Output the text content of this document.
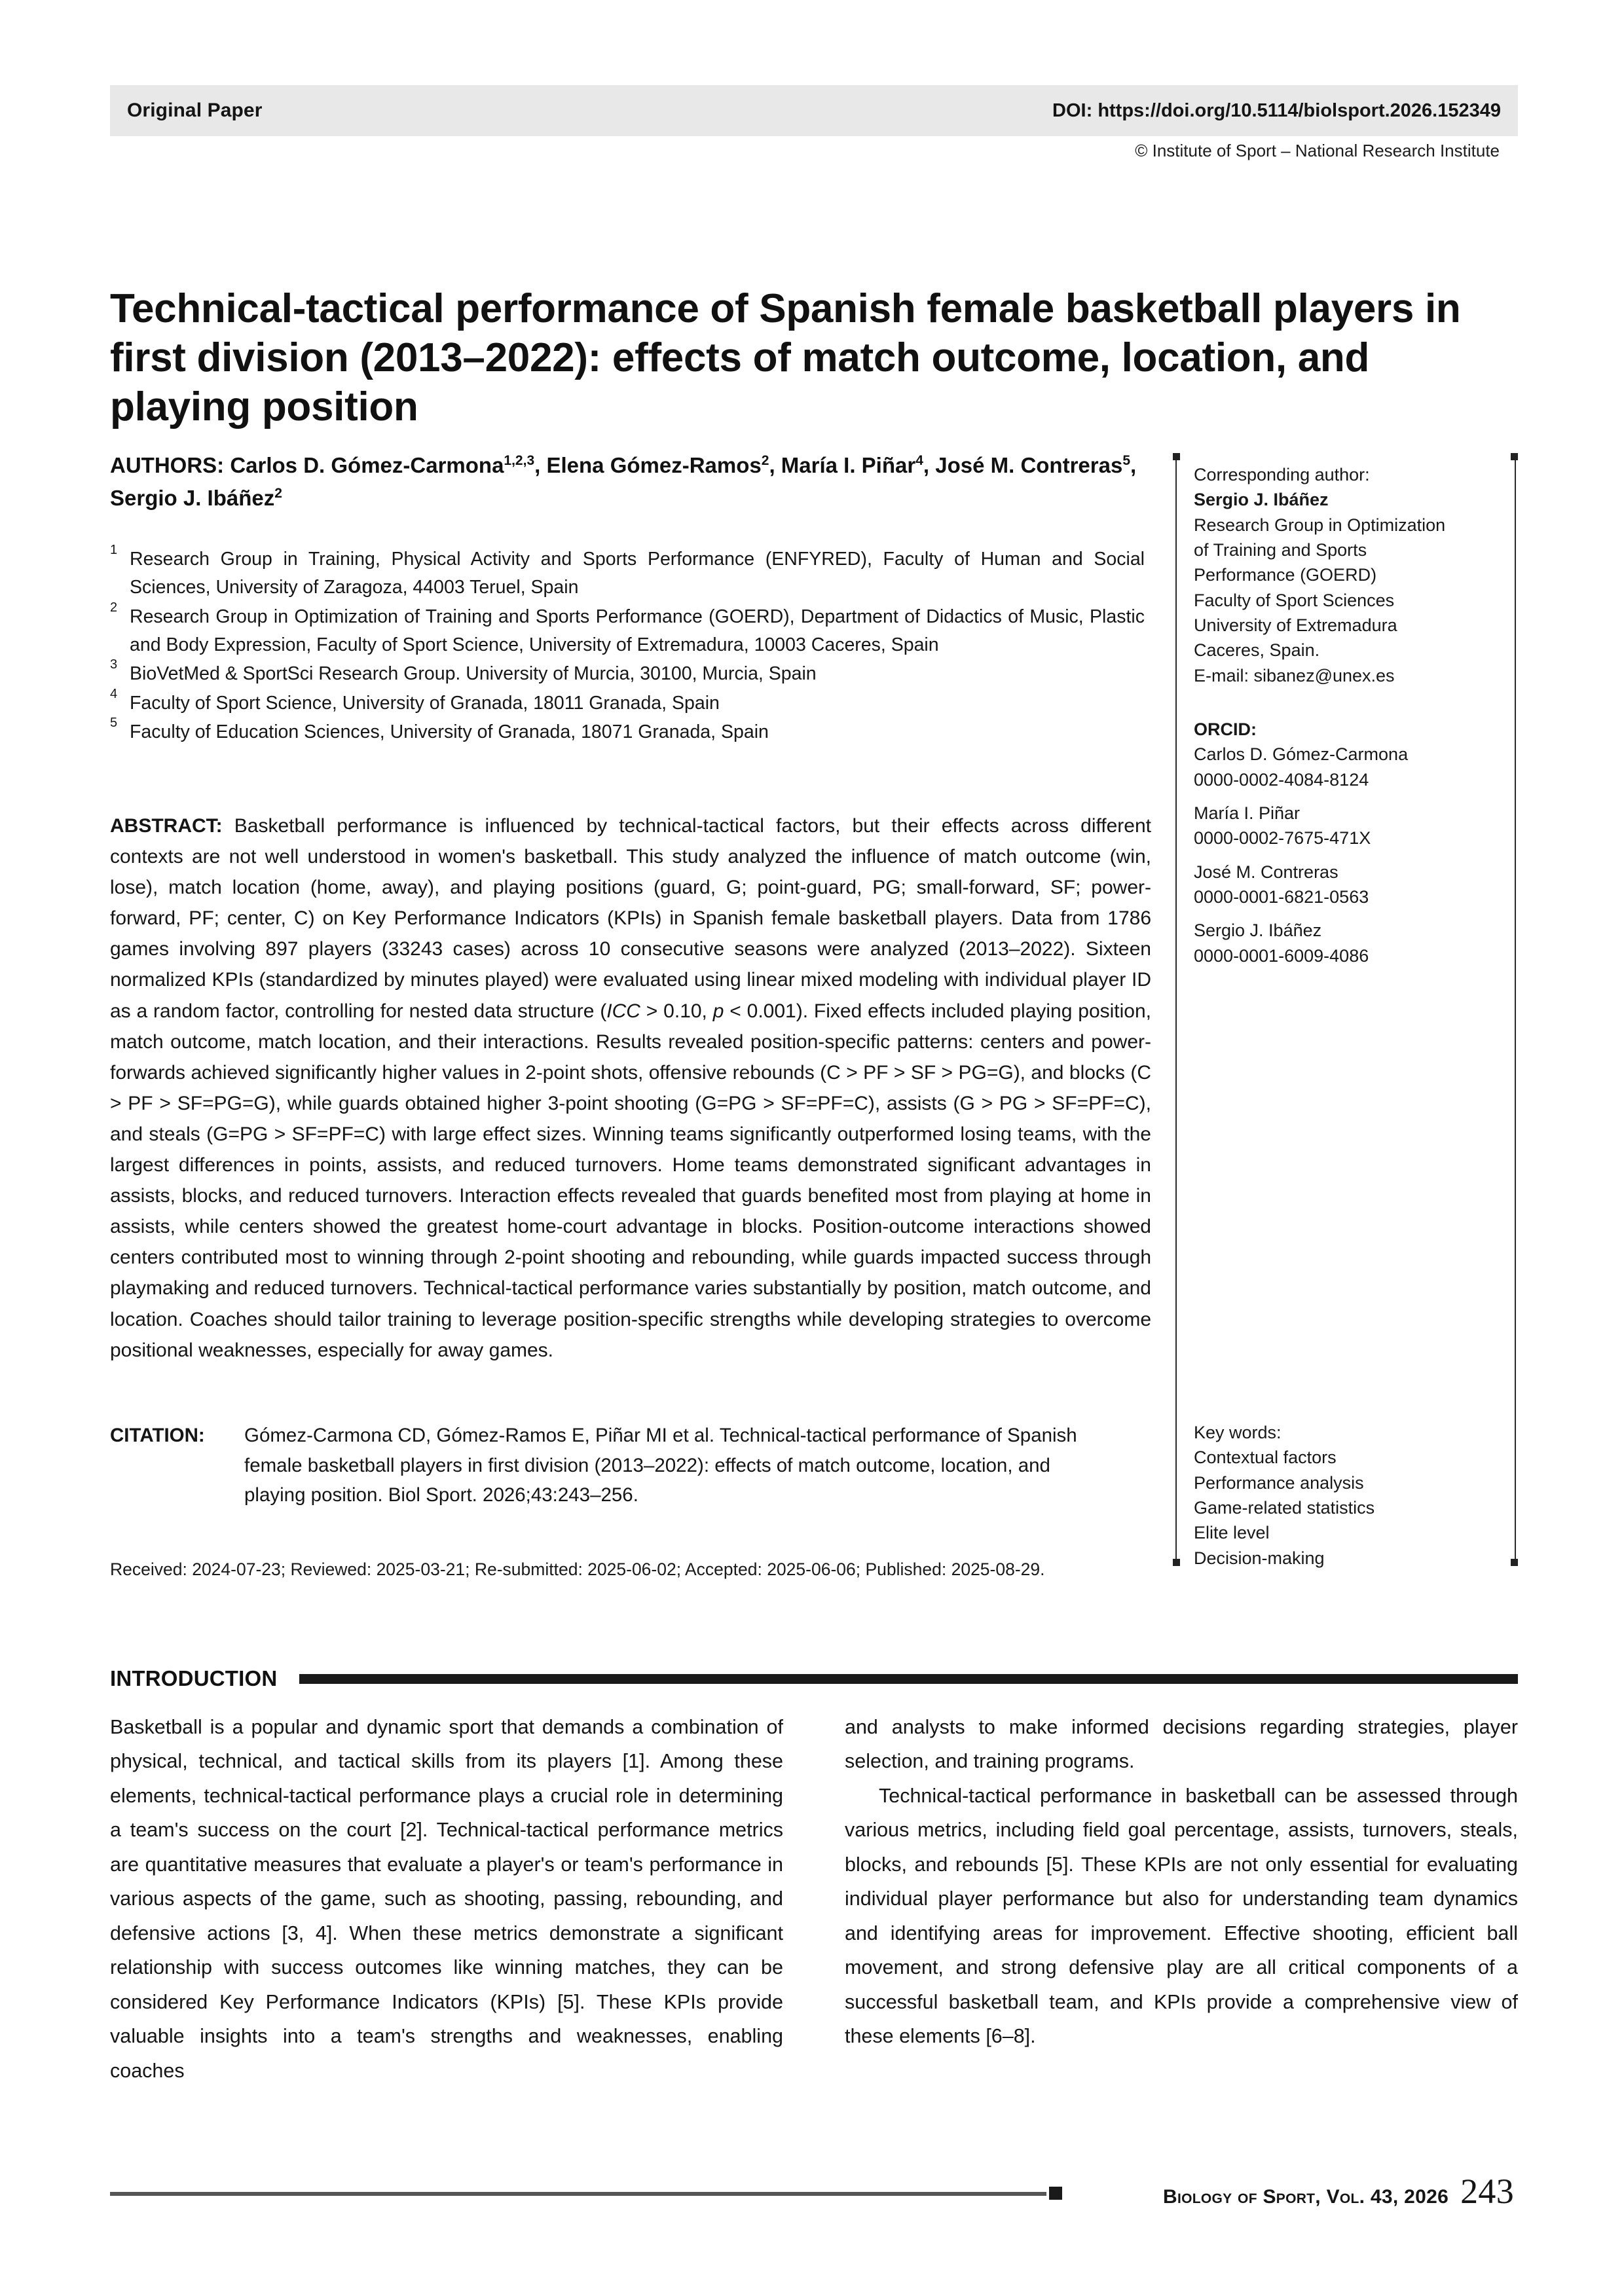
Original Paper	DOI: https://doi.org/10.5114/biolsport.2026.152349
© Institute of Sport – National Research Institute
Technical-tactical performance of Spanish female basketball players in first division (2013–2022): effects of match outcome, location, and playing position
AUTHORS: Carlos D. Gómez-Carmona$^{1,2,3}$, Elena Gómez-Ramos$^2$, María I. Piñar$^4$, José M. Contreras$^5$, Sergio J. Ibáñez$^2$
1 Research Group in Training, Physical Activity and Sports Performance (ENFYRED), Faculty of Human and Social Sciences, University of Zaragoza, 44003 Teruel, Spain
2 Research Group in Optimization of Training and Sports Performance (GOERD), Department of Didactics of Music, Plastic and Body Expression, Faculty of Sport Science, University of Extremadura, 10003 Caceres, Spain
3 BioVetMed & SportSci Research Group. University of Murcia, 30100, Murcia, Spain
4 Faculty of Sport Science, University of Granada, 18011 Granada, Spain
5 Faculty of Education Sciences, University of Granada, 18071 Granada, Spain
ABSTRACT: Basketball performance is influenced by technical-tactical factors, but their effects across different contexts are not well understood in women's basketball. This study analyzed the influence of match outcome (win, lose), match location (home, away), and playing positions (guard, G; point-guard, PG; small-forward, SF; power-forward, PF; center, C) on Key Performance Indicators (KPIs) in Spanish female basketball players. Data from 1786 games involving 897 players (33243 cases) across 10 consecutive seasons were analyzed (2013–2022). Sixteen normalized KPIs (standardized by minutes played) were evaluated using linear mixed modeling with individual player ID as a random factor, controlling for nested data structure (ICC > 0.10, p < 0.001). Fixed effects included playing position, match outcome, match location, and their interactions. Results revealed position-specific patterns: centers and power-forwards achieved significantly higher values in 2-point shots, offensive rebounds (C > PF > SF > PG=G), and blocks (C > PF > SF=PG=G), while guards obtained higher 3-point shooting (G=PG > SF=PF=C), assists (G > PG > SF=PF=C), and steals (G=PG > SF=PF=C) with large effect sizes. Winning teams significantly outperformed losing teams, with the largest differences in points, assists, and reduced turnovers. Home teams demonstrated significant advantages in assists, blocks, and reduced turnovers. Interaction effects revealed that guards benefited most from playing at home in assists, while centers showed the greatest home-court advantage in blocks. Position-outcome interactions showed centers contributed most to winning through 2-point shooting and rebounding, while guards impacted success through playmaking and reduced turnovers. Technical-tactical performance varies substantially by position, match outcome, and location. Coaches should tailor training to leverage position-specific strengths while developing strategies to overcome positional weaknesses, especially for away games.
CITATION: Gómez-Carmona CD, Gómez-Ramos E, Piñar MI et al. Technical-tactical performance of Spanish
female basketball players in first division (2013–2022): effects of match outcome, location, and
playing position. Biol Sport. 2026;43:243–256.
Received: 2024-07-23; Reviewed: 2025-03-21; Re-submitted: 2025-06-02; Accepted: 2025-06-06; Published: 2025-08-29.
Corresponding author:
Sergio J. Ibáñez
Research Group in Optimization
of Training and Sports
Performance (GOERD)
Faculty of Sport Sciences
University of Extremadura
Caceres, Spain.
E-mail: sibanez@unex.es
ORCID:
Carlos D. Gómez-Carmona
0000-0002-4084-8124
María I. Piñar
0000-0002-7675-471X
José M. Contreras
0000-0001-6821-0563
Sergio J. Ibáñez
0000-0001-6009-4086
Key words:
Contextual factors
Performance analysis
Game-related statistics
Elite level
Decision-making
INTRODUCTION

Basketball is a popular and dynamic sport that demands a combination of physical, technical, and tactical skills from its players [1]. Among these elements, technical-tactical performance plays a crucial role in determining a team's success on the court [2]. Technical-tactical performance metrics are quantitative measures that evaluate a player's or team's performance in various aspects of the game, such as shooting, passing, rebounding, and defensive actions [3, 4]. When these metrics demonstrate a significant relationship with success outcomes like winning matches, they can be considered Key Performance Indicators (KPIs) [5]. These KPIs provide valuable insights into a team's strengths and weaknesses, enabling coaches

and analysts to make informed decisions regarding strategies, player selection, and training programs.

Technical-tactical performance in basketball can be assessed through various metrics, including field goal percentage, assists, turnovers, steals, blocks, and rebounds [5]. These KPIs are not only essential for evaluating individual player performance but also for understanding team dynamics and identifying areas for improvement. Effective shooting, efficient ball movement, and strong defensive play are all critical components of a successful basketball team, and KPIs provide a comprehensive view of these elements [6–8].

Biology of Sport, Vol. 43, 2026 243
